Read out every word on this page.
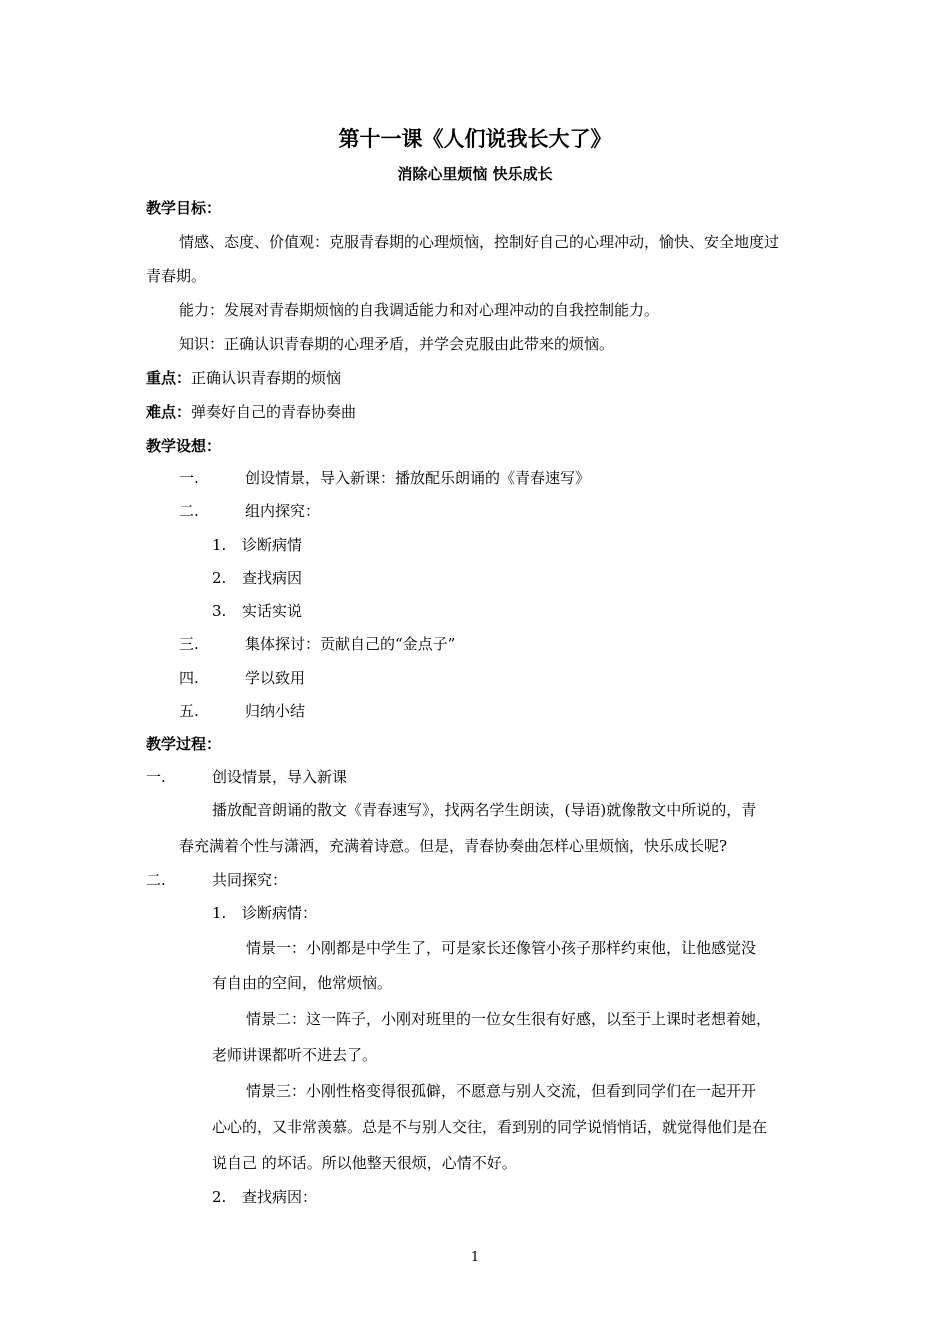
第十一课《人们说我长大了》
消除心里烦恼 快乐成长
教学目标：
情感、态度、价值观：克服青春期的心理烦恼，控制好自己的心理冲动，愉快、安全地度过
青春期。
能力：发展对青春期烦恼的自我调适能力和对心理冲动的自我控制能力。
知识：正确认识青春期的心理矛盾，并学会克服由此带来的烦恼。
重点：正确认识青春期的烦恼
难点：弹奏好自己的青春协奏曲
教学设想：
一.	创设情景，导入新课：播放配乐朗诵的《青春速写》
二.	组内探究：
1. 诊断病情
2. 查找病因
3. 实话实说
三.	集体探讨：贡献自己的“金点子”
四.	学以致用
五.	归纳小结
教学过程：
一.	创设情景，导入新课
播放配音朗诵的散文《青春速写》，找两名学生朗读，(导语)就像散文中所说的，青
春充满着个性与潇洒，充满着诗意。但是，青春协奏曲怎样心里烦恼，快乐成长呢?
二.	共同探究：
1. 诊断病情：
情景一：小刚都是中学生了，可是家长还像管小孩子那样约束他，让他感觉没
有自由的空间，他常烦恼。
情景二：这一阵子，小刚对班里的一位女生很有好感，以至于上课时老想着她，
老师讲课都听不进去了。
情景三：小刚性格变得很孤僻，不愿意与别人交流，但看到同学们在一起开开
心心的，又非常羡慕。总是不与别人交往，看到别的同学说悄悄话，就觉得他们是在
说自己 的坏话。所以他整天很烦，心情不好。
2. 查找病因：
1
